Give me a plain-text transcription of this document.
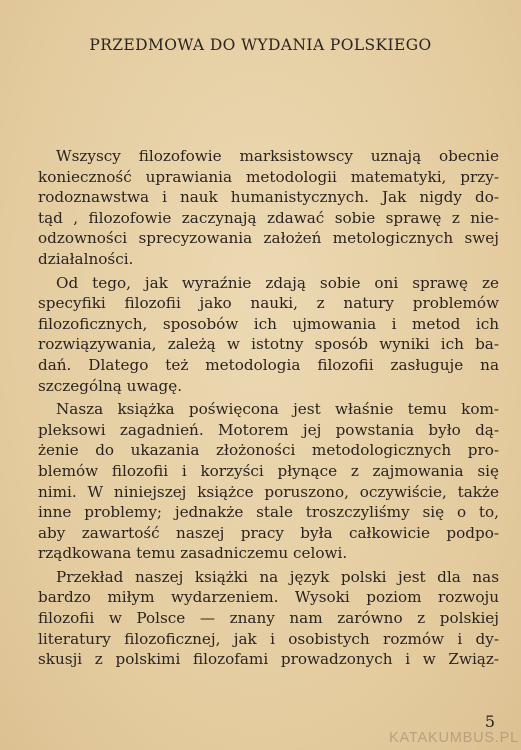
PRZEDMOWA DO WYDANIA POLSKIEGO

Wszyscy filozofowie marksistowscy uznają obecnie
konieczność uprawiania metodologii matematyki, przy-
rodoznawstwa i nauk humanistycznych. Jak nigdy do-
tąd , filozofowie zaczynają zdawać sobie sprawę z nie-
odzowności sprecyzowania założeń metologicznych swej
działalności.

Od tego, jak wyraźnie zdają sobie oni sprawę ze
specyfiki filozofii jako nauki, z natury problemów
filozoficznych, sposobów ich ujmowania i metod ich
rozwiązywania, zależą w istotny sposób wyniki ich ba-
dań. Dlatego też metodologia filozofii zasługuje na
szczególną uwagę.

Nasza książka poświęcona jest właśnie temu kom-
pleksowi zagadnień. Motorem jej powstania było dą-
żenie do ukazania złożoności metodologicznych pro-
blemów filozofii i korzyści płynące z zajmowania się
nimi. W niniejszej książce poruszono, oczywiście, także
inne problemy; jednakże stale troszczyliśmy się o to,
aby zawartość naszej pracy była całkowicie podpo-
rządkowana temu zasadniczemu celowi.

Przekład naszej książki na język polski jest dla nas
bardzo miłym wydarzeniem. Wysoki poziom rozwoju
filozofii w Polsce — znany nam zarówno z polskiej
literatury filozoficznej, jak i osobistych rozmów i dy-
skusji z polskimi filozofami prowadzonych i w Związ-

5
KATAKUMBUS.PL
